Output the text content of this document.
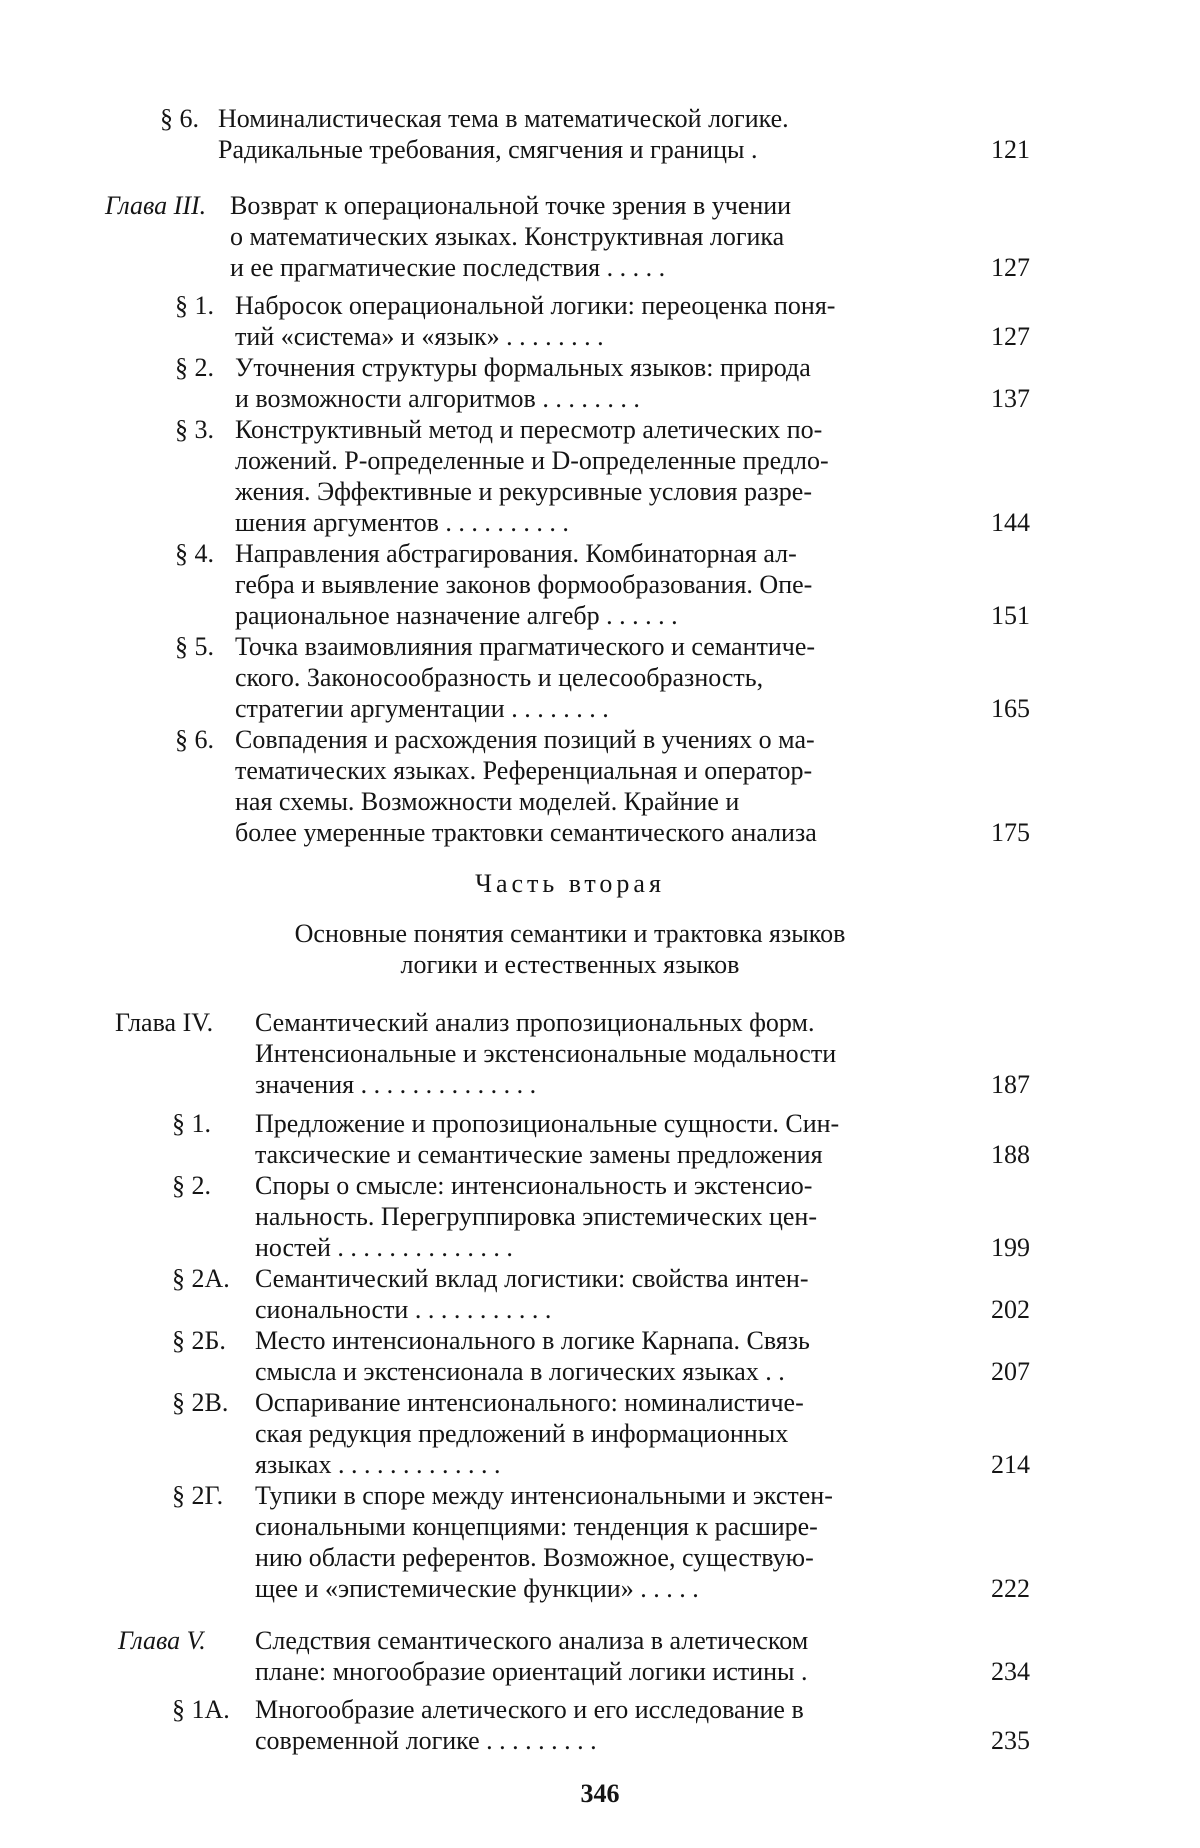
§ 6. Номиналистическая тема в математической логике.
Радикальные требования, смягчения и границы .	121
Глава III. Возврат к операциональной точке зрения в учении
о математических языках. Конструктивная логика
и ее прагматические последствия . . . . .	127
§ 1. Набросок операциональной логики: переоценка поня-
тий «система» и «язык» . . . . . . . .	127
§ 2. Уточнения структуры формальных языков: природа
и возможности алгоритмов . . . . . . . .	137
§ 3. Конструктивный метод и пересмотр алетических по-
ложений. P-определенные и D-определенные предло-
жения. Эффективные и рекурсивные условия разре-
шения аргументов . . . . . . . . . .	144
§ 4. Направления абстрагирования. Комбинаторная ал-
гебра и выявление законов формообразования. Опе-
рациональное назначение алгебр . . . . . .	151
§ 5. Точка взаимовлияния прагматического и семантиче-
ского. Законосообразность и целесообразность,
стратегии аргументации . . . . . . . .	165
§ 6. Совпадения и расхождения позиций в учениях о ма-
тематических языках. Референциальная и оператор-
ная схемы. Возможности моделей. Крайние и
более умеренные трактовки семантического анализа	175
Часть вторая
Основные понятия семантики и трактовка языков
логики и естественных языков
Глава IV. Семантический анализ пропозициональных форм.
Интенсиональные и экстенсиональные модальности
значения . . . . . . . . . . . . . .	187
§ 1. Предложение и пропозициональные сущности. Син-
таксические и семантические замены предложения	188
§ 2. Споры о смысле: интенсиональность и экстенсио-
нальность. Перегруппировка эпистемических цен-
ностей . . . . . . . . . . . . . .	199
§ 2А. Семантический вклад логистики: свойства интен-
сиональности . . . . . . . . . . .	202
§ 2Б. Место интенсионального в логике Карнапа. Связь
смысла и экстенсионала в логических языках . .	207
§ 2В. Оспаривание интенсионального: номиналистиче-
ская редукция предложений в информационных
языках . . . . . . . . . . . . .	214
§ 2Г. Тупики в споре между интенсиональными и экстен-
сиональными концепциями: тенденция к расшире-
нию области референтов. Возможное, существую-
щее и «эпистемические функции» . . . . .	222
Глава V. Следствия семантического анализа в алетическом
плане: многообразие ориентаций логики истины .	234
§ 1А. Многообразие алетического и его исследование в
современной логике . . . . . . . . .	235
346
